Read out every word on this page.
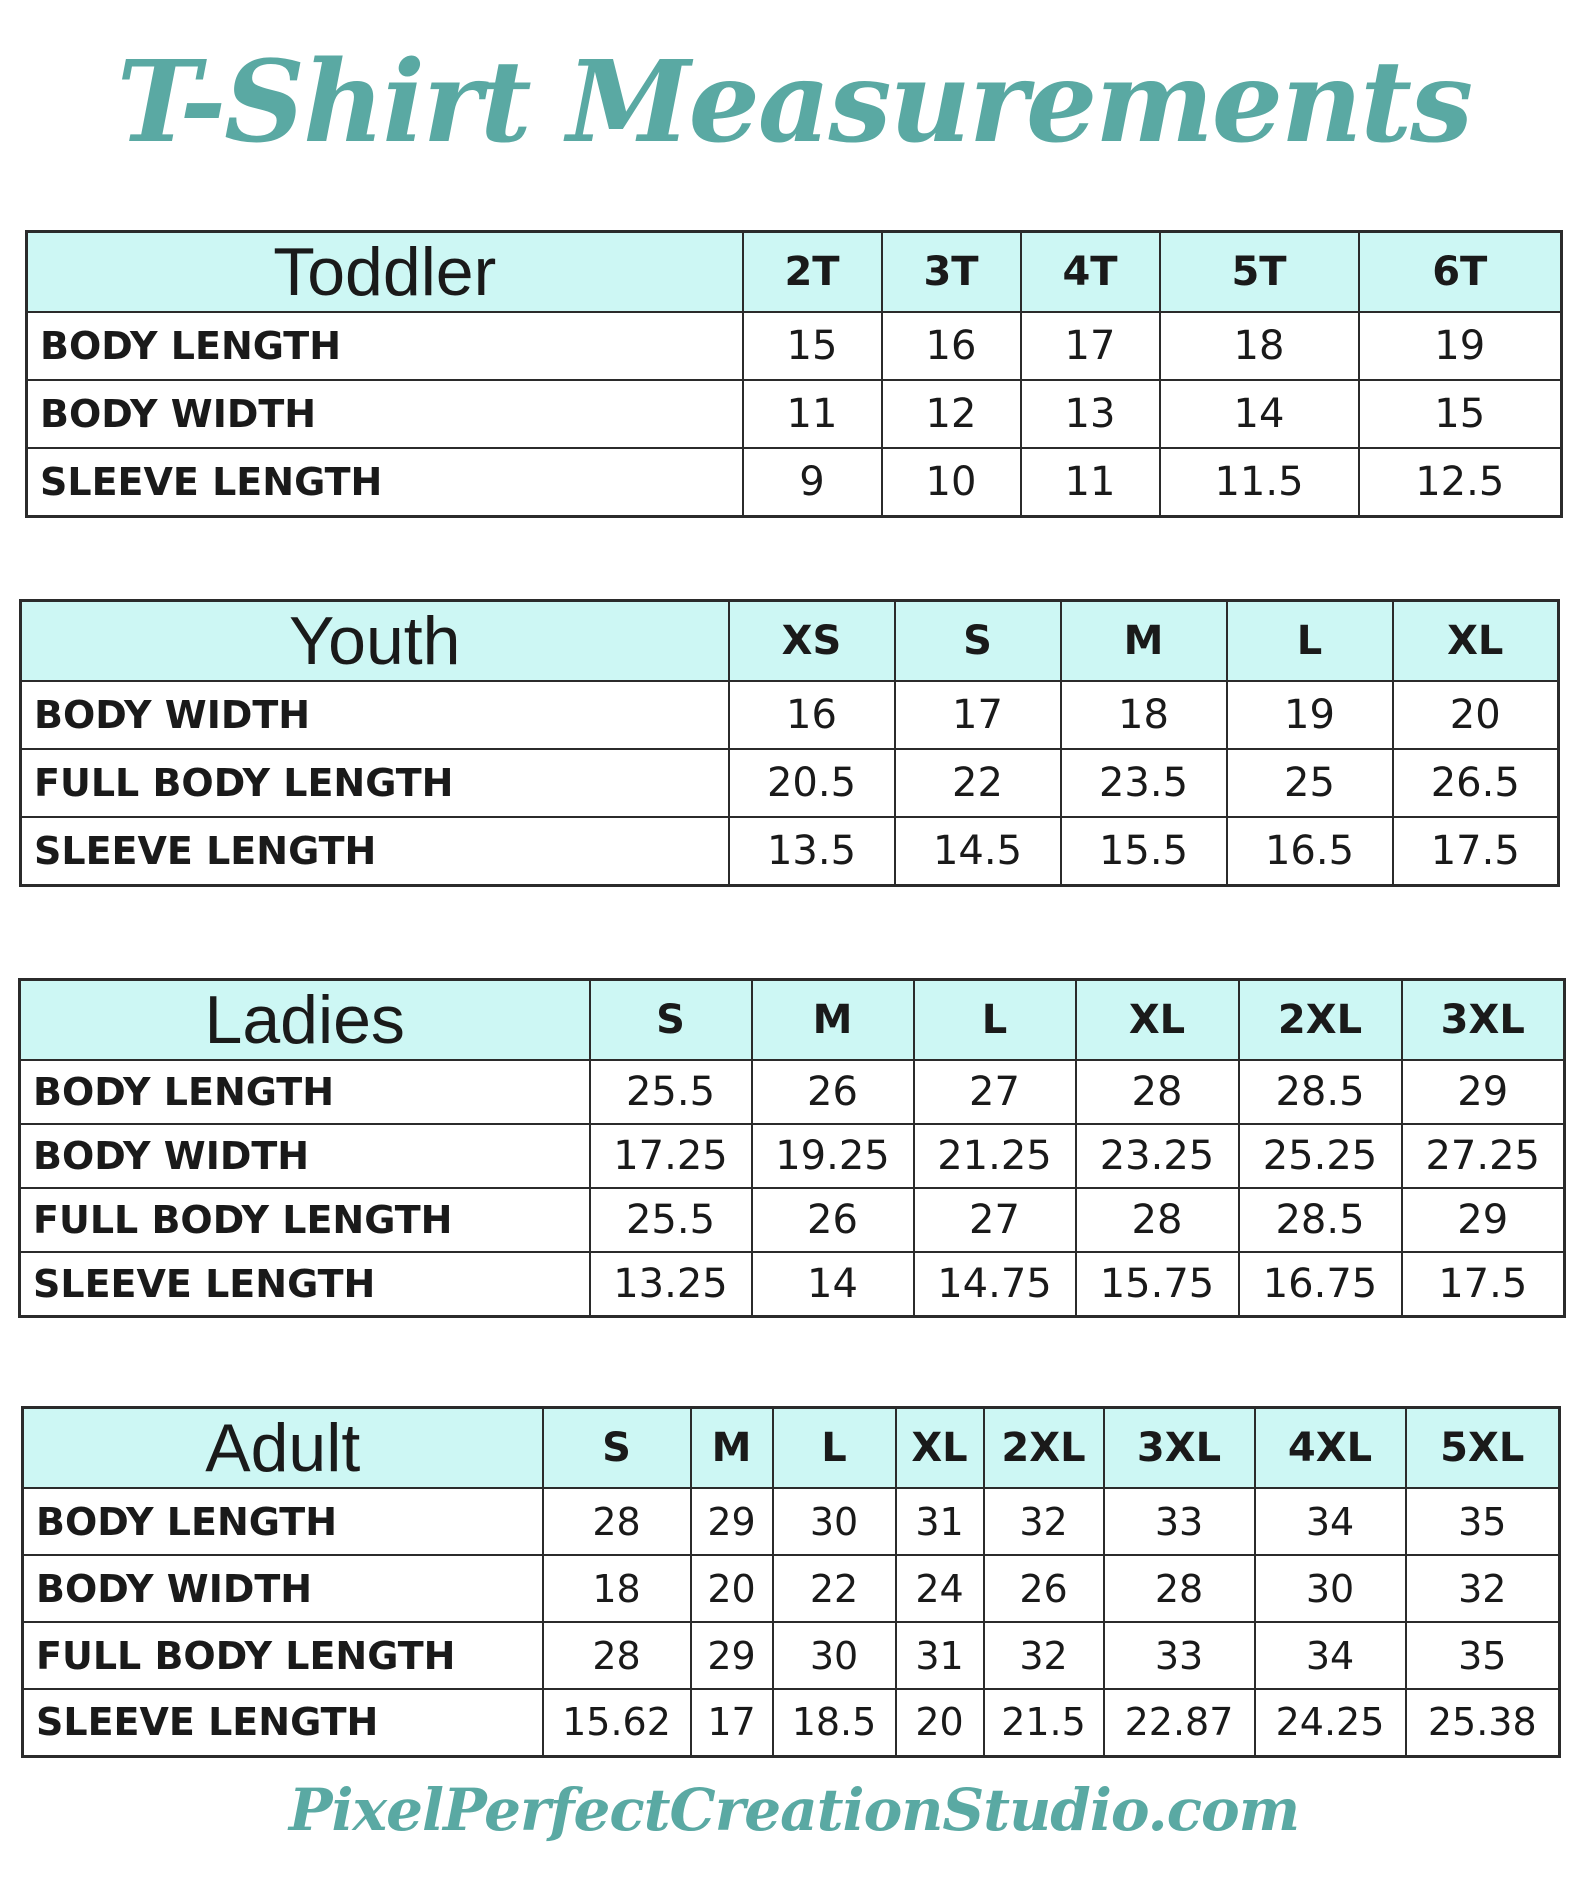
T-Shirt Measurements
Toddler	2T	3T	4T	5T	6T
BODY LENGTH	15	16	17	18	19
BODY WIDTH	11	12	13	14	15
SLEEVE LENGTH	9	10	11	11.5	12.5
Youth	XS	S	M	L	XL
BODY WIDTH	16	17	18	19	20
FULL BODY LENGTH	20.5	22	23.5	25	26.5
SLEEVE LENGTH	13.5	14.5	15.5	16.5	17.5
Ladies	S	M	L	XL	2XL	3XL
BODY LENGTH	25.5	26	27	28	28.5	29
BODY WIDTH	17.25	19.25	21.25	23.25	25.25	27.25
FULL BODY LENGTH	25.5	26	27	28	28.5	29
SLEEVE LENGTH	13.25	14	14.75	15.75	16.75	17.5
Adult	S	M	L	XL	2XL	3XL	4XL	5XL
BODY LENGTH	28	29	30	31	32	33	34	35
BODY WIDTH	18	20	22	24	26	28	30	32
FULL BODY LENGTH	28	29	30	31	32	33	34	35
SLEEVE LENGTH	15.62	17	18.5	20	21.5	22.87	24.25	25.38
PixelPerfectCreationStudio.com
